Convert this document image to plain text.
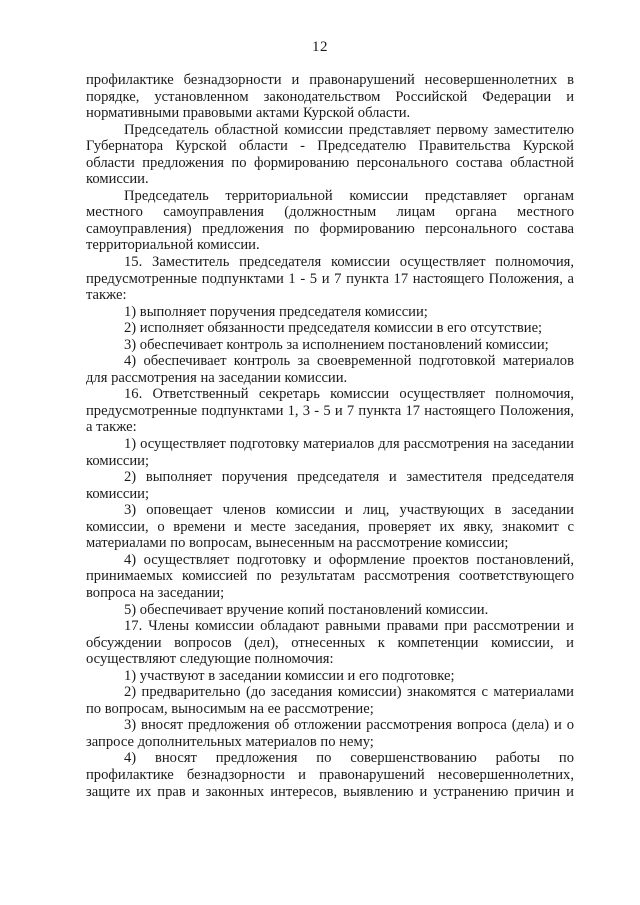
12

профилактике безнадзорности и правонарушений несовершеннолетних в порядке, установленном законодательством Российской Федерации и нормативными правовыми актами Курской области.

Председатель областной комиссии представляет первому заместителю Губернатора Курской области - Председателю Правительства Курской области предложения по формированию персонального состава областной комиссии.

Председатель территориальной комиссии представляет органам местного самоуправления (должностным лицам органа местного самоуправления) предложения по формированию персонального состава территориальной комиссии.

15. Заместитель председателя комиссии осуществляет полномочия, предусмотренные подпунктами 1 - 5 и 7 пункта 17 настоящего Положения, а также:

1) выполняет поручения председателя комиссии;

2) исполняет обязанности председателя комиссии в его отсутствие;

3) обеспечивает контроль за исполнением постановлений комиссии;

4) обеспечивает контроль за своевременной подготовкой материалов для рассмотрения на заседании комиссии.

16. Ответственный секретарь комиссии осуществляет полномочия, предусмотренные подпунктами 1, 3 - 5 и 7 пункта 17 настоящего Положения, а также:

1) осуществляет подготовку материалов для рассмотрения на заседании комиссии;

2) выполняет поручения председателя и заместителя председателя комиссии;

3) оповещает членов комиссии и лиц, участвующих в заседании комиссии, о времени и месте заседания, проверяет их явку, знакомит с материалами по вопросам, вынесенным на рассмотрение комиссии;

4) осуществляет подготовку и оформление проектов постановлений, принимаемых комиссией по результатам рассмотрения соответствующего вопроса на заседании;

5) обеспечивает вручение копий постановлений комиссии.

17. Члены комиссии обладают равными правами при рассмотрении и обсуждении вопросов (дел), отнесенных к компетенции комиссии, и осуществляют следующие полномочия:

1) участвуют в заседании комиссии и его подготовке;

2) предварительно (до заседания комиссии) знакомятся с материалами по вопросам, выносимым на ее рассмотрение;

3) вносят предложения об отложении рассмотрения вопроса (дела) и о запросе дополнительных материалов по нему;

4) вносят предложения по совершенствованию работы по профилактике безнадзорности и правонарушений несовершеннолетних, защите их прав и законных интересов, выявлению и устранению причин и
